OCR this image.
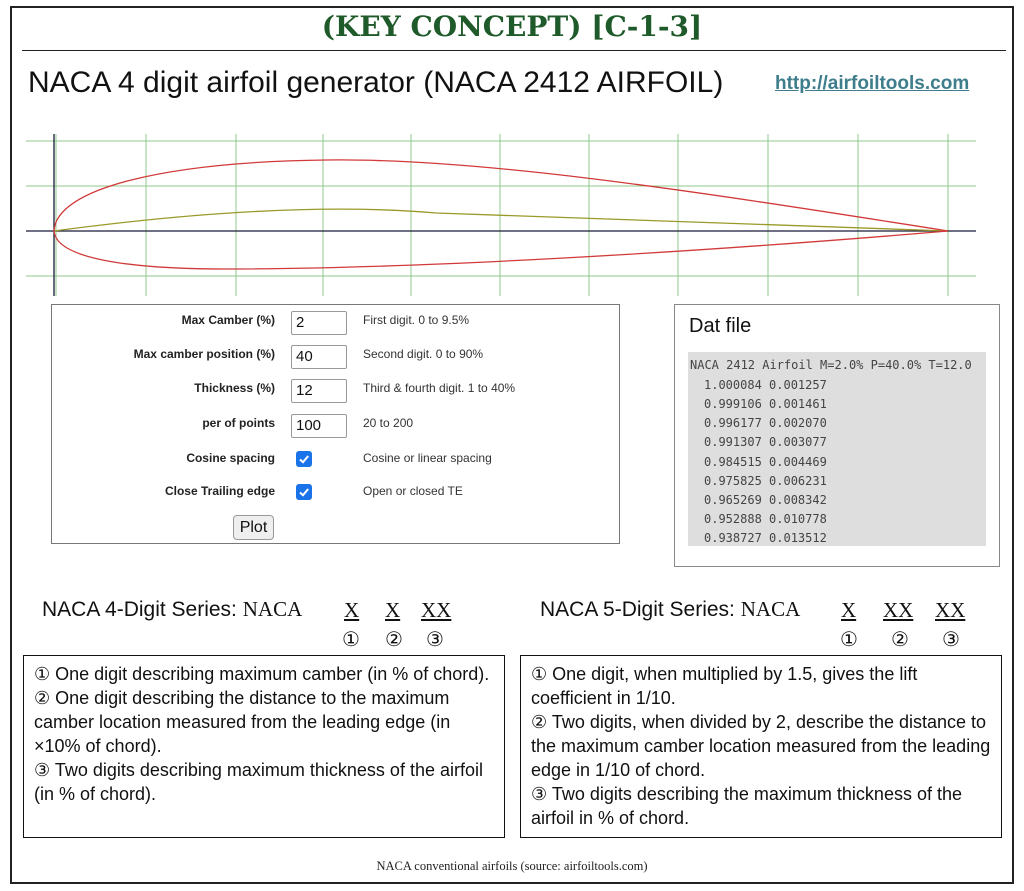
(KEY CONCEPT) [C-1-3]
NACA 4 digit airfoil generator (NACA 2412 AIRFOIL)	http://airfoiltools.com
Max Camber (%)	2	First digit. 0 to 9.5%
Max camber position (%)	40	Second digit. 0 to 90%
Thickness (%)	12	Third & fourth digit. 1 to 40%
per of points	100	20 to 200
Cosine spacing	Cosine or linear spacing
Close Trailing edge	Open or closed TE
Plot
Dat file
NACA 2412 Airfoil M=2.0% P=40.0% T=12.0
1.000084 0.001257
0.999106 0.001461
0.996177 0.002070
0.991307 0.003077
0.984515 0.004469
0.975825 0.006231
0.965269 0.008342
0.952888 0.010778
0.938727 0.013512
NACA 4-Digit Series: NACA X X XX
① ② ③
NACA 5-Digit Series: NACA X XX XX
① ② ③

① One digit describing maximum camber (in % of chord).

② One digit describing the distance to the maximum camber location measured from the leading edge (in ×10% of chord).

③ Two digits describing maximum thickness of the airfoil (in % of chord).

① One digit, when multiplied by 1.5, gives the lift coefficient in 1/10.

② Two digits, when divided by 2, describe the distance to the maximum camber location measured from the leading edge in 1/10 of chord.

③ Two digits describing the maximum thickness of the airfoil in % of chord.

NACA conventional airfoils (source: airfoiltools.com)
